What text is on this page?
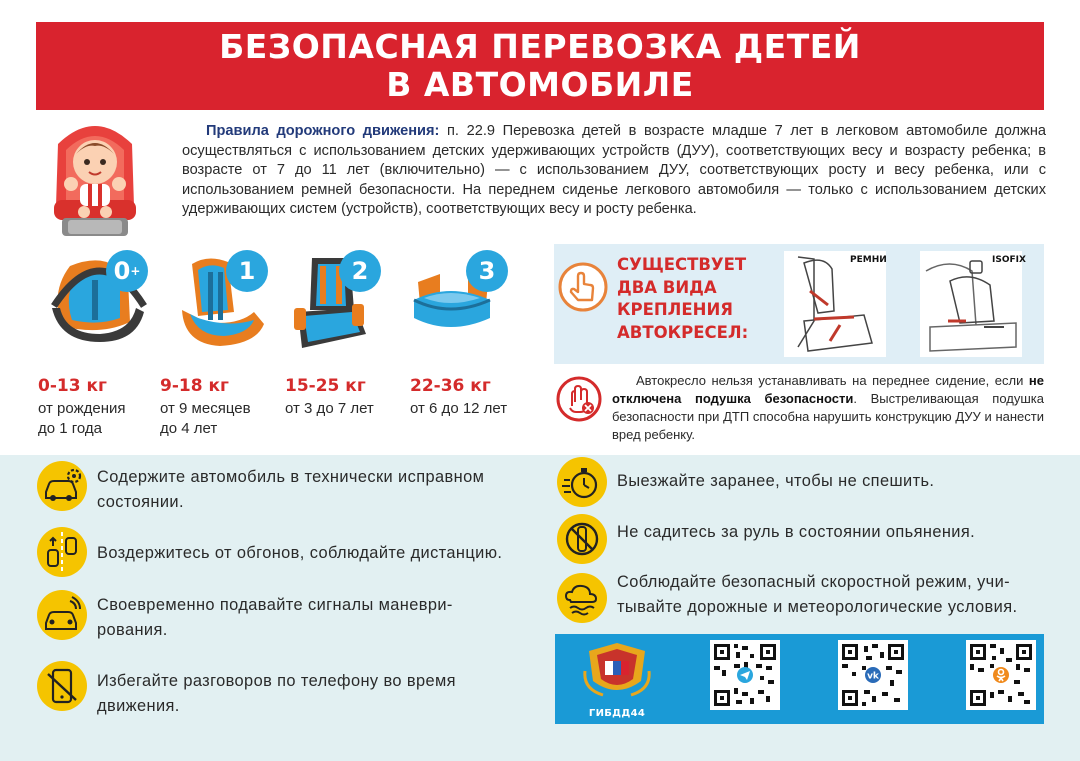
БЕЗОПАСНАЯ ПЕРЕВОЗКА ДЕТЕЙ
В АВТОМОБИЛЕ

Правила дорожного движения: п. 22.9 Перевозка детей в возрасте младше 7 лет в легковом автомобиле должна осуществляться с использованием детских удерживающих устройств (ДУУ), соответствующих весу и возрасту ребенка; в возрасте от 7 до 11 лет (включительно) — с использованием ДУУ, соответствующих росту и весу ребенка, или с использованием ремней безопасности. На переднем сиденье легкового автомобиля — только с использованием детских удерживающих систем (устройств), соответствующих весу и росту ребенка.

0 +
0-13 кг
от рождения
до 1 года
1
9-18 кг
от 9 месяцев
до 4 лет
2
15-25 кг
от 3 до 7 лет
3
22-36 кг
от 6 до 12 лет
СУЩЕСТВУЕТ
ДВА ВИДА
КРЕПЛЕНИЯ
АВТОКРЕСЕЛ:
РЕМНИ	ISOFIX

Автокресло нельзя устанавливать на переднее сидение, если не отключена подушка безопасности. Выстреливающая подушка безопасности при ДТП способна нарушить конструкцию ДУУ и нанести вред ребенку.

Содержите автомобиль в технически исправном
состоянии.
Воздержитесь от обгонов, соблюдайте дистанцию.
Своевременно подавайте сигналы маневри-
рования.
Избегайте разговоров по телефону во время
движения.
Выезжайте заранее, чтобы не спешить.
Не садитесь за руль в состоянии опьянения.
Соблюдайте безопасный скоростной режим, учи-
тывайте дорожные и метеорологические условия.
ГИБДД44
vk
